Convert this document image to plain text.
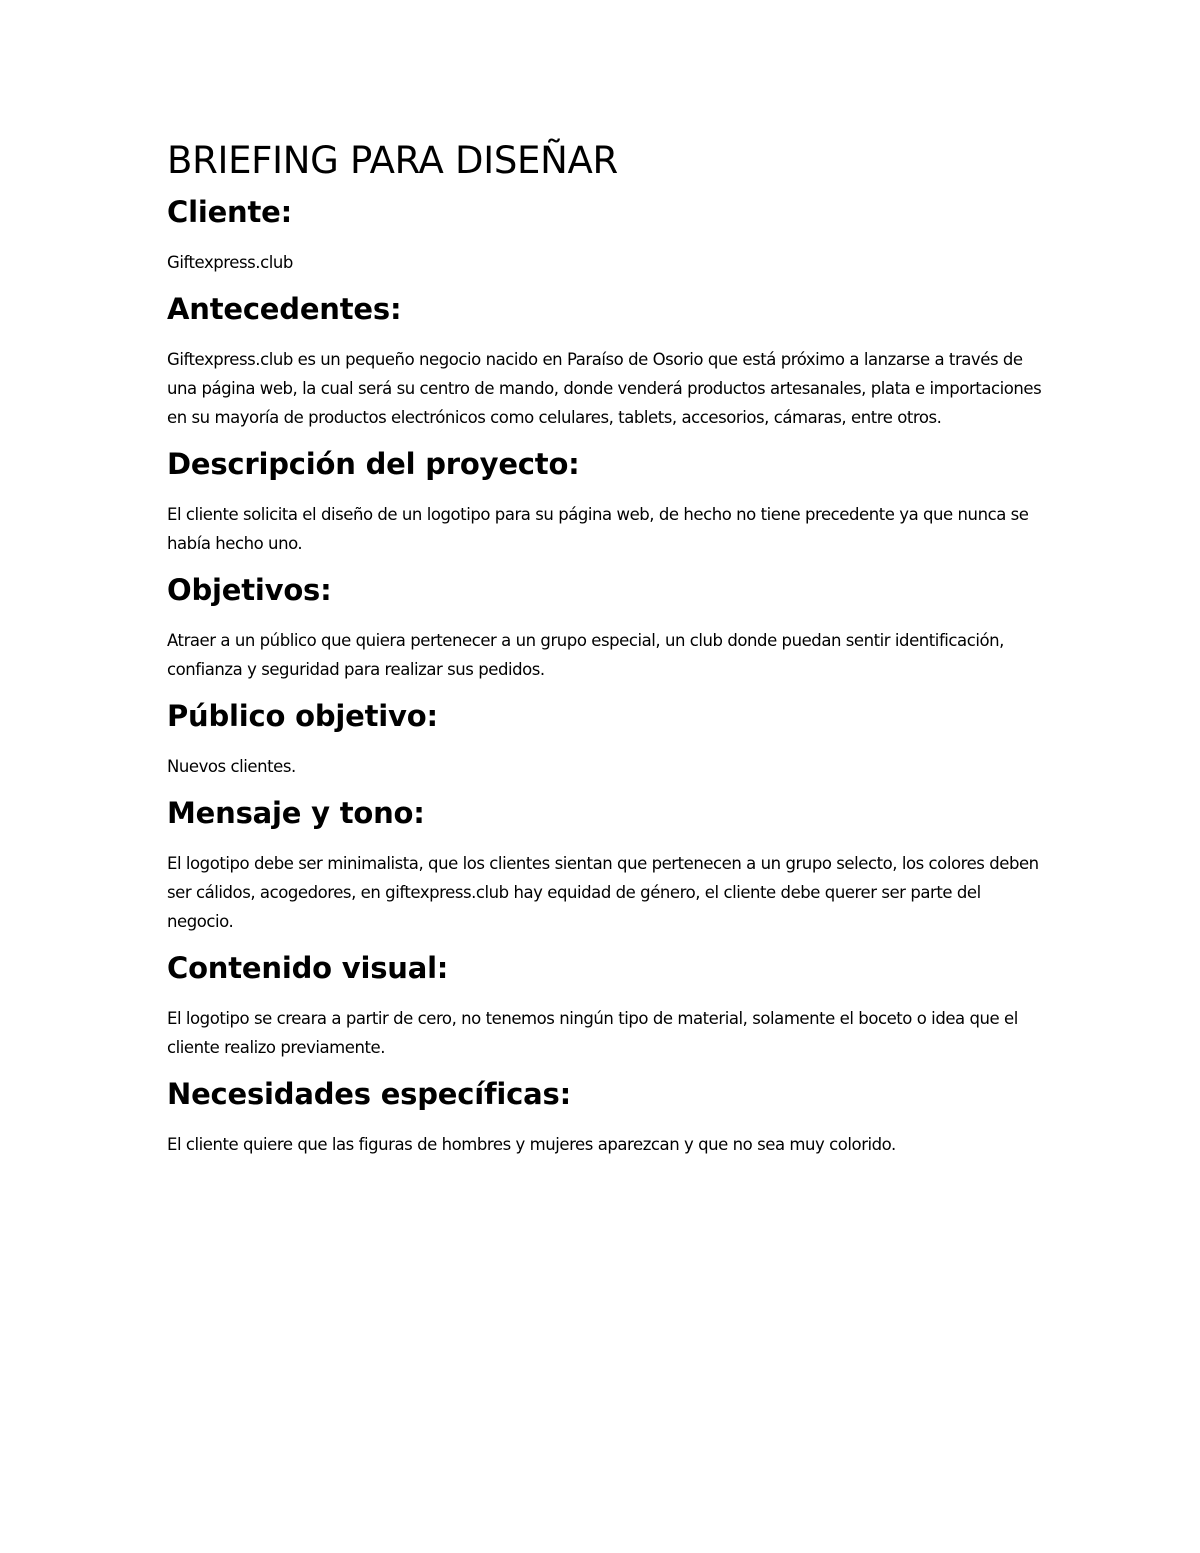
BRIEFING PARA DISEÑAR
Cliente:

Giftexpress.club

Antecedentes:

Giftexpress.club es un pequeño negocio nacido en Paraíso de Osorio que está próximo a lanzarse a través de una página web, la cual será su centro de mando, donde venderá productos artesanales, plata e importaciones en su mayoría de productos electrónicos como celulares, tablets, accesorios, cámaras, entre otros.

Descripción del proyecto:

El cliente solicita el diseño de un logotipo para su página web, de hecho no tiene precedente ya que nunca se había hecho uno.

Objetivos:

Atraer a un público que quiera pertenecer a un grupo especial, un club donde puedan sentir identificación, confianza y seguridad para realizar sus pedidos.

Público objetivo:

Nuevos clientes.

Mensaje y tono:

El logotipo debe ser minimalista, que los clientes sientan que pertenecen a un grupo selecto, los colores deben ser cálidos, acogedores, en giftexpress.club hay equidad de género, el cliente debe querer ser parte del negocio.

Contenido visual:

El logotipo se creara a partir de cero, no tenemos ningún tipo de material, solamente el boceto o idea que el cliente realizo previamente.

Necesidades específicas:

El cliente quiere que las figuras de hombres y mujeres aparezcan y que no sea muy colorido.
